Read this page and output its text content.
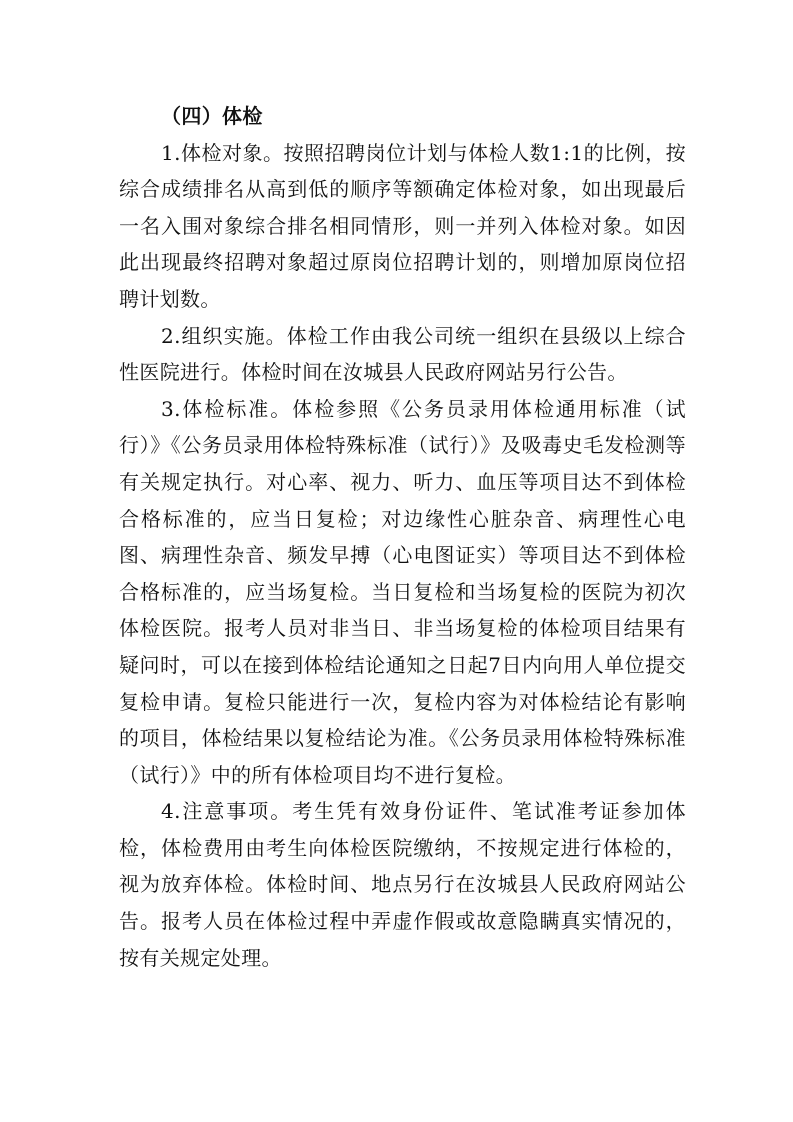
（四）体检

1.体检对象。按照招聘岗位计划与体检人数1:1的比例，按综合成绩排名从高到低的顺序等额确定体检对象，如出现最后一名入围对象综合排名相同情形，则一并列入体检对象。如因此出现最终招聘对象超过原岗位招聘计划的，则增加原岗位招聘计划数。

2.组织实施。体检工作由我公司统一组织在县级以上综合性医院进行。体检时间在汝城县人民政府网站另行公告。

3.体检标准。体检参照《公务员录用体检通用标准（试行）》《公务员录用体检特殊标准（试行）》及吸毒史毛发检测等有关规定执行。对心率、视力、听力、血压等项目达不到体检合格标准的，应当日复检；对边缘性心脏杂音、病理性心电图、病理性杂音、频发早搏（心电图证实）等项目达不到体检合格标准的，应当场复检。当日复检和当场复检的医院为初次体检医院。报考人员对非当日、非当场复检的体检项目结果有疑问时，可以在接到体检结论通知之日起7日内向用人单位提交复检申请。复检只能进行一次，复检内容为对体检结论有影响的项目，体检结果以复检结论为准。《公务员录用体检特殊标准（试行）》中的所有体检项目均不进行复检。

4.注意事项。考生凭有效身份证件、笔试准考证参加体检，体检费用由考生向体检医院缴纳，不按规定进行体检的，视为放弃体检。体检时间、地点另行在汝城县人民政府网站公告。报考人员在体检过程中弄虚作假或故意隐瞒真实情况的，按有关规定处理。
